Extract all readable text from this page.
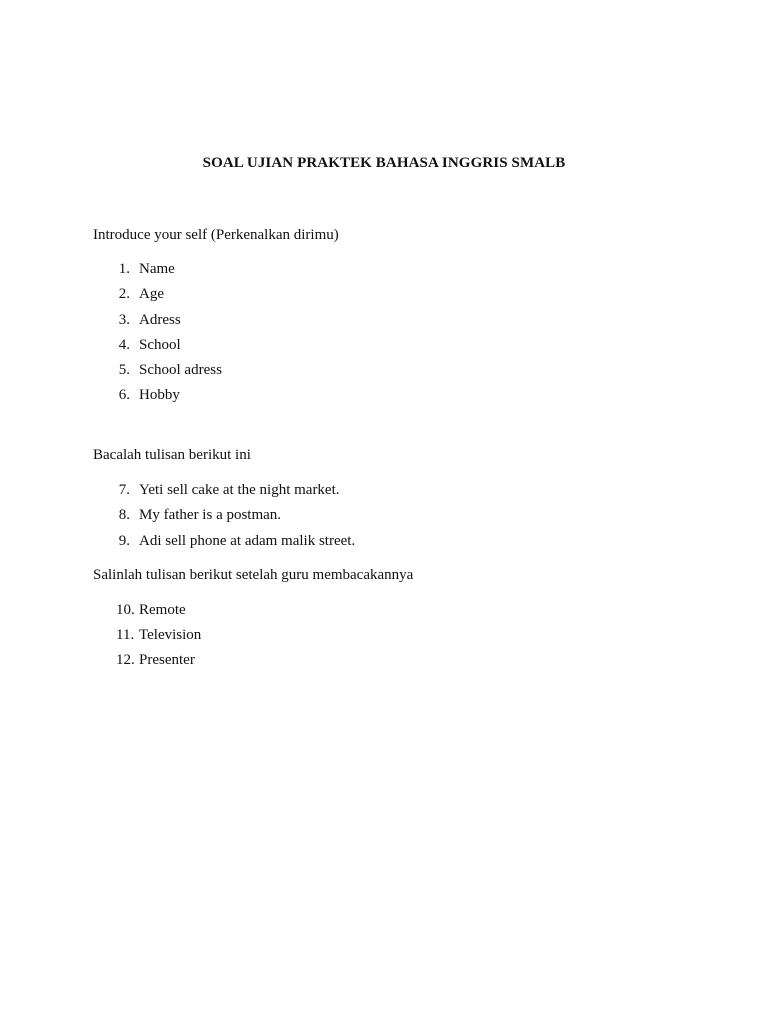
SOAL UJIAN PRAKTEK BAHASA INGGRIS SMALB
Introduce your self (Perkenalkan dirimu)
1. Name
2. Age
3. Adress
4. School
5. School adress
6. Hobby
Bacalah tulisan berikut ini
7. Yeti sell cake at the night market.
8. My father is a postman.
9. Adi sell phone at adam malik street.
Salinlah tulisan berikut setelah guru membacakannya
10. Remote
11. Television
12. Presenter
